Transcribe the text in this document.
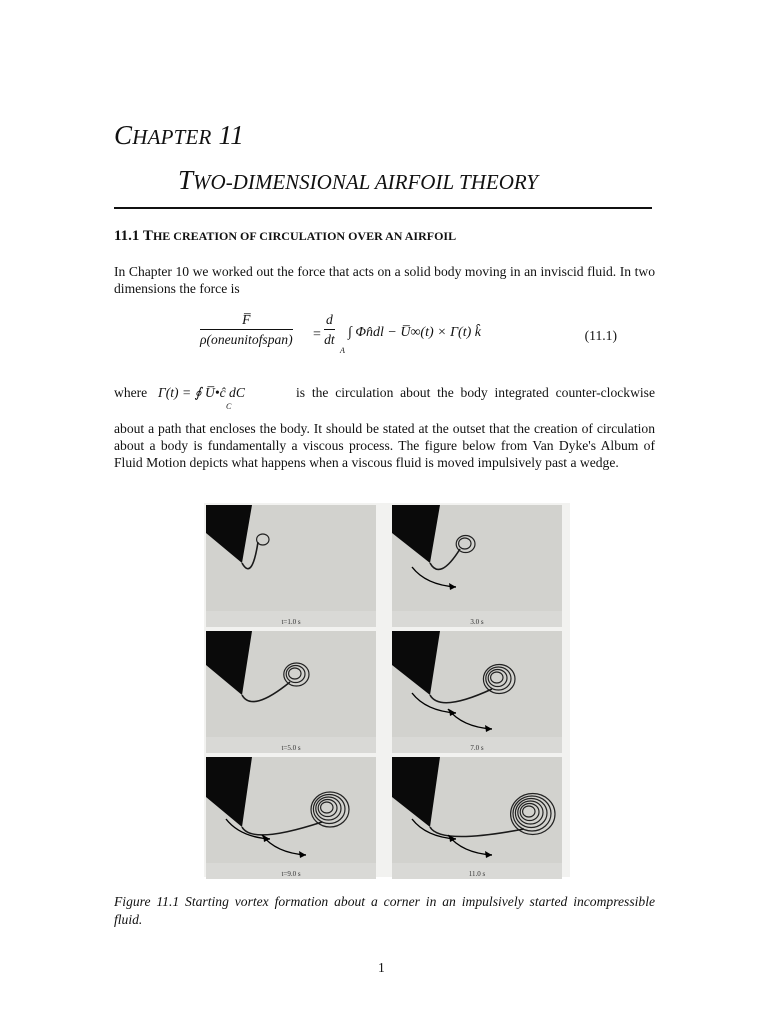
CHAPTER 11
TWO-DIMENSIONAL AIRFOIL THEORY
11.1 THE CREATION OF CIRCULATION OVER AN AIRFOIL
In Chapter 10 we worked out the force that acts on a solid body moving in an inviscid fluid. In two dimensions the force is
F̅
ρ(oneunitofspan) = $\frac{d}{dt}$ ∫ Φn̂dl − U̅∞(t) × Γ(t) k̂
A
(11.1)
where Γ(t) = ∮ U̅•ĉ dC
C
is the circulation about the body integrated counter-clockwise
about a path that encloses the body. It should be stated at the outset that the creation of circulation about a body is fundamentally a viscous process. The figure below from Van Dyke's Album of Fluid Motion depicts what happens when a viscous fluid is moved impulsively past a wedge.
t=1.0 s	3.0 s
t=5.0 s	7.0 s
t=9.0 s	11.0 s
Figure 11.1 Starting vortex formation about a corner in an impulsively started incompressible fluid.
1
